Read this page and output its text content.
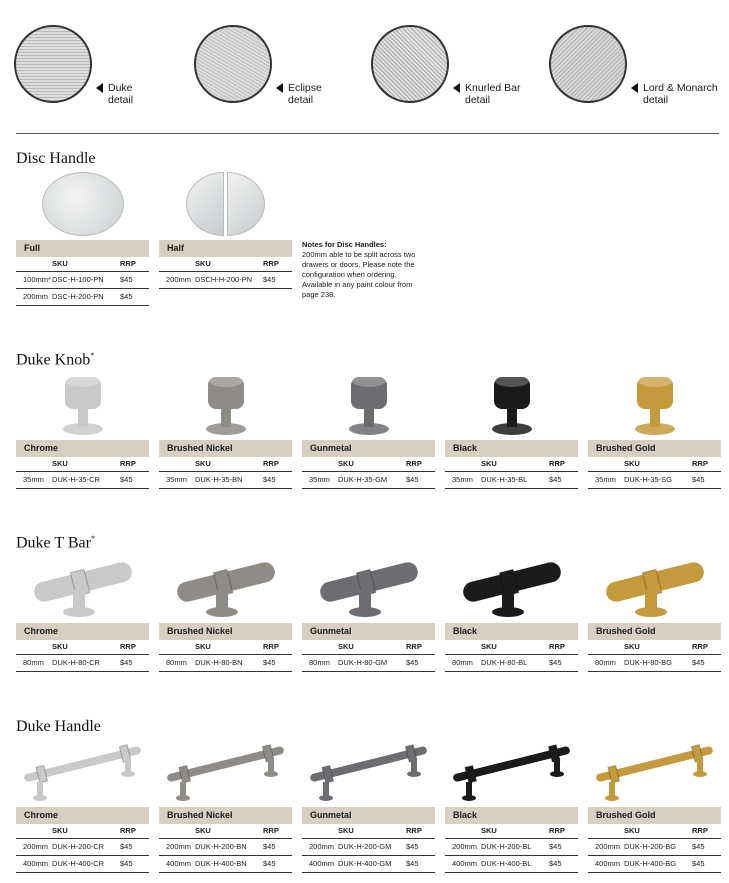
Duke
detail
Eclipse
detail
Knurled Bar
detail
Lord & Monarch
detail
Disc Handle
Full
	SKU	RRP
100mm*	DSC-H-100-PN	$45
200mm	DSC-H-200-PN	$45
Half
	SKU	RRP
200mm	DSCH-H-200-PN	$45
Notes for Disc Handles:
200mm able to be split across two drawers or doors. Please note the configuration when ordering. Available in any paint colour from page 238.
Duke Knob*
Chrome
	SKU	RRP
35mm	DUK-H-35-CR	$45
Brushed Nickel
	SKU	RRP
35mm	DUK-H-35-BN	$45
Gunmetal
	SKU	RRP
35mm	DUK-H-35-GM	$45
Black
	SKU	RRP
35mm	DUK-H-35-BL	$45
Brushed Gold
	SKU	RRP
35mm	DUK-H-35-SG	$45
Duke T Bar*
Chrome
	SKU	RRP
80mm	DUK-H-80-CR	$45
Brushed Nickel
	SKU	RRP
80mm	DUK-H-80-BN	$45
Gunmetal
	SKU	RRP
80mm	DUK-H-80-GM	$45
Black
	SKU	RRP
80mm	DUK-H-80-BL	$45
Brushed Gold
	SKU	RRP
80mm	DUK-H-80-BG	$45
Duke Handle
Chrome
	SKU	RRP
200mm	DUK-H-200-CR	$45
400mm	DUK-H-400-CR	$45
Brushed Nickel
	SKU	RRP
200mm	DUK-H-200-BN	$45
400mm	DUK-H-400-BN	$45
Gunmetal
	SKU	RRP
200mm	DUK-H-200-GM	$45
400mm	DUK-H-400-GM	$45
Black
	SKU	RRP
200mm	DUK-H-200-BL	$45
400mm	DUK-H-400-BL	$45
Brushed Gold
	SKU	RRP
200mm	DUK-H-200-BG	$45
400mm	DUK-H-400-BG	$45
